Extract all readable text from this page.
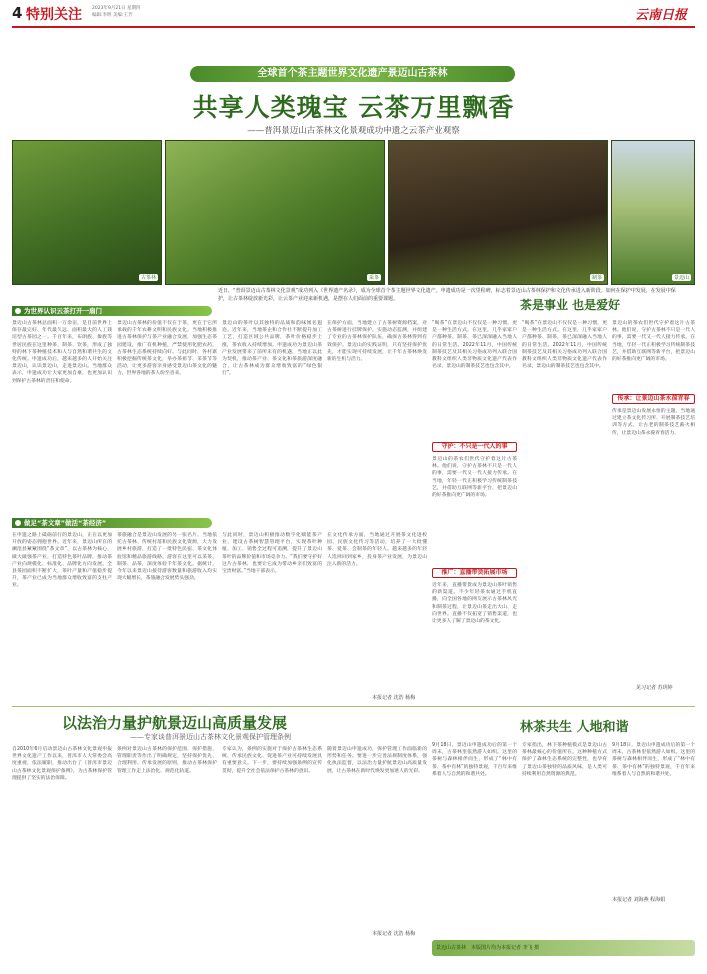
4 特别关注 2023年9月21日 星期四
编辑:李明 美编:王芳	云南日报
全球首个茶主题世界文化遗产景迈山古茶林
共享人类瑰宝 云茶万里飘香
——普洱景迈山古茶林文化景观成功申遗之云茶产业观察
古茶林	采茶	制茶	景迈山
近日，“普洱景迈山古茶林文化景观”成功列入《世界遗产名录》，成为全球首个茶主题世界文化遗产。申遗成功是一次里程碑，标志着景迈山古茶林保护和文化传承进入新阶段。如何在保护中发展，在发展中保护，让古茶林绽放新光彩，让云茶产业迎来新机遇，是摆在人们面前的重要课题。
为世界认识云茶打开一扇门
景迈山古茶林总面积一万余亩，是目前世界上保存最完好、年代最久远、面积最大的人工栽培型古茶园之一。千百年来，布朗族、傣族等世居民族在这里种茶、制茶、饮茶，形成了独特的林下茶种植技术和人与自然和谐共生的文化传统。申遗成功后，越来越多的人开始关注景迈山，认识景迈山，走进景迈山。当地群众表示，申遗成功让大家更加自豪，也更加认识到保护古茶林的责任和使命。
景迈山古茶林的价值不仅在于茶，更在于它所承载的千年农耕文明和民族文化。当地积极推进古茶林保护与茶产业融合发展，加强生态茶园建设，推广有机种植，严禁使用化肥农药，古茶林生态系统持续向好。与此同时，各村寨积极挖掘传统茶文化，举办茶祖节、采茶节等活动，让更多游客亲身感受景迈山茶文化的魅力，世界各地的茶人纷至沓来。
景迈山的茶叶以其独特的品质和韵味闻名遐迩。近年来，当地茶企和合作社不断提升加工工艺，打造区域公共品牌，茶叶价格稳步上涨，茶农收入持续增加。申遗成功为景迈山茶产业发展带来了前所未有的机遇，当地正以此为契机，推动茶产业、茶文化和茶旅游深度融合，让古茶林成为群众增收致富的“绿色银行”。
在保护方面，当地建立了古茶树资源档案，对古茶树进行挂牌保护，实施动态监测，并组建了专业的古茶林保护队伍，确保古茶林得到有效保护。景迈山的实践证明，只有坚持保护优先，才能实现可持续发展，让千年古茶林焕发新的生机与活力。
做足“茶文章”做活“茶经济”
在申遗之路上砥砺前行的景迈山，正在以更加开放的姿态拥抱世界。近年来，景迈山所在的澜沧县紧紧围绕“茶文章”，以古茶林为核心，做大做强茶产业，打造特色茶叶品牌，推动茶产业向规模化、标准化、品牌化方向发展。全县茶园面积不断扩大，茶叶产量和产值稳步提升，茶产业已成为当地群众增收致富的支柱产业。
茶旅融合是景迈山发展的另一张名片。当地依托古茶林、传统村落和民族文化资源，大力发展乡村旅游，打造了一批特色民宿、茶文化体验馆和精品旅游线路。游客在这里可以采茶、制茶、品茶，深度体验千年茶文化。据统计，今年以来景迈山接待游客数量和旅游收入均实现大幅增长，茶旅融合发展势头强劲。
与此同时，景迈山积极推动数字化赋能茶产业，建设古茶树智慧管理平台，实现茶叶种植、加工、销售全过程可追溯，提升了景迈山茶叶的品牌价值和市场竞争力。“我们要守护好这片古茶林，也要让它成为带动乡亲们致富的宝贵财富。”当地干部表示。
在文化传承方面，当地通过开展茶文化进校园、民族文化传习等活动，培养了一大批懂茶、爱茶、会制茶的年轻人。越来越多的年轻人选择回到家乡，投身茶产业发展，为景迈山注入新的活力。
本报记者 沈浩 杨梅
茶是事业 也是爱好
“喝茶”在景迈山不仅仅是一种习惯，更是一种生活方式。在这里，几乎家家户户都种茶、制茶，茶已深深融入当地人的日常生活。2022年11月，中国传统制茶技艺及其相关习俗成功列入联合国教科文组织人类非物质文化遗产代表作名录，景迈山的制茶技艺也包含其中。
守护：不只是一代人的事
景迈山的茶农们世代守护着这片古茶林。他们说，守护古茶林不只是一代人的事，需要一代又一代人接力传承。在当地，年轻一代正积极学习传统制茶技艺，并借助互联网等新平台，把景迈山的好茶推向更广阔的市场。
推广：直播带货拓展市场
近年来，直播带货成为景迈山茶叶销售的新渠道。不少年轻茶农通过手机直播，向全国各地的网友展示古茶林风光和制茶过程，让景迈山茶走出大山、走向世界。直播不仅拓宽了销售渠道，也让更多人了解了景迈山的茶文化。
“喝茶”在景迈山不仅仅是一种习惯，更是一种生活方式。在这里，几乎家家户户都种茶、制茶，茶已深深融入当地人的日常生活。2022年11月，中国传统制茶技艺及其相关习俗成功列入联合国教科文组织人类非物质文化遗产代表作名录，景迈山的制茶技艺也包含其中。
景迈山的茶农们世代守护着这片古茶林。他们说，守护古茶林不只是一代人的事，需要一代又一代人接力传承。在当地，年轻一代正积极学习传统制茶技艺，并借助互联网等新平台，把景迈山的好茶推向更广阔的市场。
传承：让景迈山茶永葆青春
传承是景迈山发展永恒的主题。当地通过建立茶文化传习所、开展制茶技艺培训等方式，让古老的制茶技艺薪火相传，让景迈山茶永葆青春活力。
见习记者 苏玥婷
以法治力量护航景迈山高质量发展
——专家谈普洱景迈山古茶林文化景观保护管理条例
自2010年6月启动景迈山古茶林文化景观申报世界文化遗产工作以来，普洱市人大常委会高度重视，依法履职，推动出台了《普洱市景迈山古茶林文化景观保护条例》，为古茶林保护管理提供了坚实的法治保障。
条例对景迈山古茶林的保护范围、保护措施、管理职责等作出了明确规定，坚持保护优先、合理利用、传承发展的原则，推动古茶林保护管理工作走上法治化、规范化轨道。
专家认为，条例的实施对于保护古茶林生态系统、传承民族文化、促进茶产业可持续发展具有重要意义。下一步，要持续加强条例的宣传贯彻，提升全社会依法保护古茶林的意识。
随着景迈山申遗成功，保护管理工作面临新的形势和任务。要进一步完善法规制度体系，强化执法监督，以法治力量护航景迈山高质量发展，让古茶林在新时代焕发更加迷人的光彩。
本报记者 沈浩 杨梅
林茶共生 人地和谐
9月18日，景迈山申遗成功后的第一个周末，古茶林里依然游人如织。这里的茶树与森林相伴而生，形成了“林中有茶、茶中有林”的独特景观，千百年来维系着人与自然的和谐共处。
专家指出，林下茶种植模式是景迈山古茶林最核心的价值所在。这种种植方式保护了森林生态系统的完整性，也孕育了景迈山茶独特的品质风味，是人类可持续利用自然资源的典范。
9月18日，景迈山申遗成功后的第一个周末，古茶林里依然游人如织。这里的茶树与森林相伴而生，形成了“林中有茶、茶中有林”的独特景观，千百年来维系着人与自然的和谐共处。
本报记者 刘海燕 程海娟
景迈山古茶林　本版图片均为本报记者 李飞 摄
